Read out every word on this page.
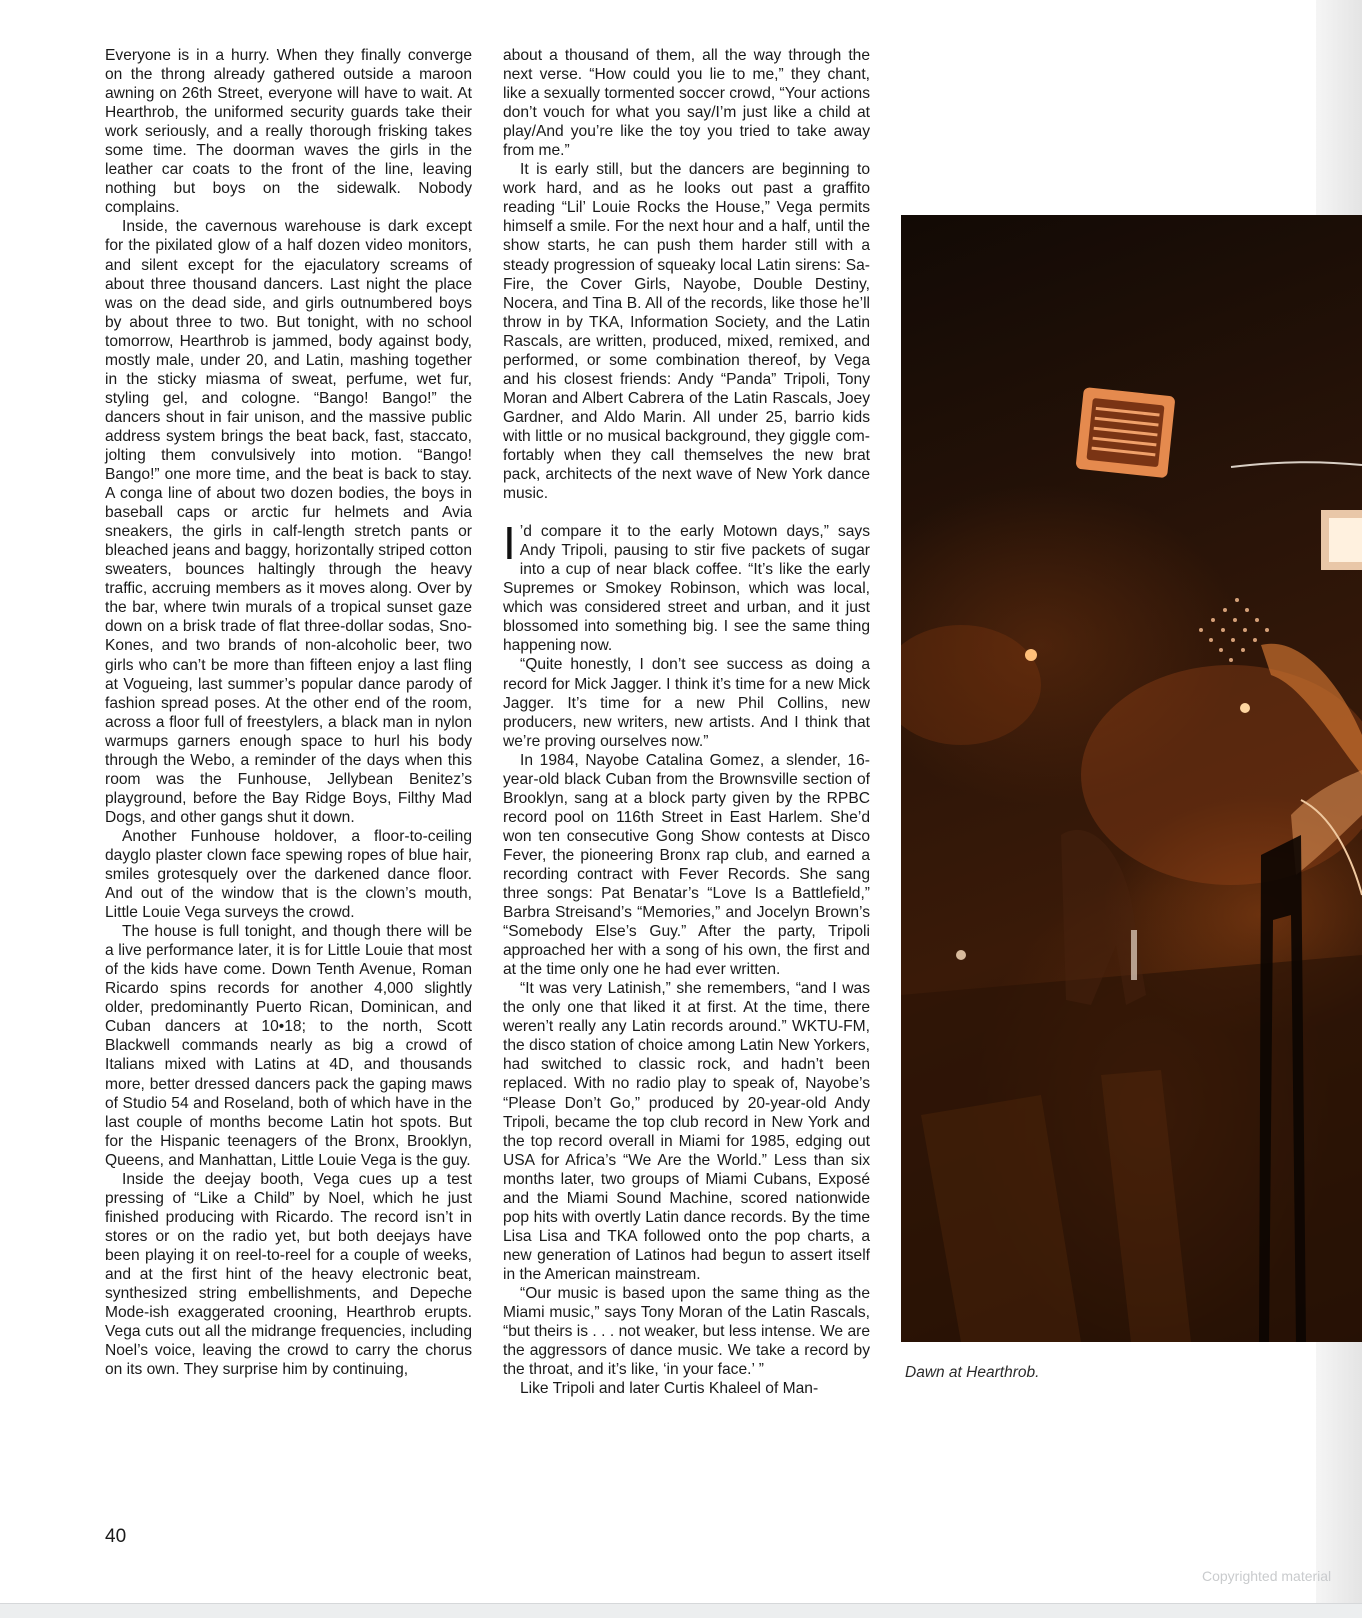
Everyone is in a hurry. When they finally converge on the throng already gathered outside a maroon awning on 26th Street, everyone will have to wait. At Hearthrob, the uniformed security guards take their work seriously, and a really thorough frisking takes some time. The doorman waves the girls in the leather car coats to the front of the line, leaving nothing but boys on the sidewalk. Nobody complains.

Inside, the cavernous warehouse is dark except for the pixilated glow of a half dozen video monitors, and silent except for the ejaculatory screams of about three thousand dancers. Last night the place was on the dead side, and girls outnumbered boys by about three to two. But tonight, with no school tomorrow, Hearthrob is jammed, body against body, mostly male, under 20, and Latin, mashing together in the sticky miasma of sweat, perfume, wet fur, styling gel, and cologne. “Bango! Bango!” the dancers shout in fair unison, and the massive public address system brings the beat back, fast, staccato, jolting them convulsively into motion. “Bango! Bango!” one more time, and the beat is back to stay. A conga line of about two dozen bodies, the boys in baseball caps or arctic fur helmets and Avia sneakers, the girls in calf-length stretch pants or bleached jeans and baggy, horizontally striped cotton sweaters, bounces haltingly through the heavy traffic, accruing members as it moves along. Over by the bar, where twin murals of a tropical sunset gaze down on a brisk trade of flat three-dollar sodas, Sno-Kones, and two brands of non-alcoholic beer, two girls who can’t be more than fifteen enjoy a last fling at Vogueing, last summer’s popular dance parody of fashion spread poses. At the other end of the room, across a floor full of freestylers, a black man in nylon warmups garners enough space to hurl his body through the Webo, a reminder of the days when this room was the Funhouse, Jellybean Benitez’s playground, before the Bay Ridge Boys, Filthy Mad Dogs, and other gangs shut it down.

Another Funhouse holdover, a floor-to-ceiling dayglo plaster clown face spewing ropes of blue hair, smiles grotesquely over the darkened dance floor. And out of the window that is the clown’s mouth, Little Louie Vega surveys the crowd.

The house is full tonight, and though there will be a live performance later, it is for Little Louie that most of the kids have come. Down Tenth Avenue, Roman Ricardo spins records for another 4,000 slightly older, predominantly Puerto Rican, Dominican, and Cuban dancers at 10•18; to the north, Scott Blackwell commands nearly as big a crowd of Italians mixed with Latins at 4D, and thousands more, better dressed dancers pack the gaping maws of Studio 54 and Roseland, both of which have in the last couple of months become Latin hot spots. But for the Hispanic teenagers of the Bronx, Brooklyn, Queens, and Manhattan, Little Louie Vega is the guy.

Inside the deejay booth, Vega cues up a test pressing of “Like a Child” by Noel, which he just finished producing with Ricardo. The record isn’t in stores or on the radio yet, but both deejays have been playing it on reel-to-reel for a couple of weeks, and at the first hint of the heavy electronic beat, synthesized string embellishments, and Depeche Mode-ish exaggerated crooning, Hearthrob erupts. Vega cuts out all the midrange frequencies, including Noel’s voice, leaving the crowd to carry the chorus on its own. They surprise him by continuing,

about a thousand of them, all the way through the next verse. “How could you lie to me,” they chant, like a sexually tormented soccer crowd, “Your actions don’t vouch for what you say/I’m just like a child at play/And you’re like the toy you tried to take away from me.”

It is early still, but the dancers are beginning to work hard, and as he looks out past a graffito reading “Lil’ Louie Rocks the House,” Vega permits himself a smile. For the next hour and a half, until the show starts, he can push them harder still with a steady progression of squeaky local Latin sirens: Sa-Fire, the Cover Girls, Nayobe, Double Destiny, Nocera, and Tina B. All of the records, like those he’ll throw in by TKA, Information Society, and the Latin Rascals, are written, produced, mixed, remixed, and performed, or some combination thereof, by Vega and his closest friends: Andy “Panda” Tripoli, Tony Moran and Albert Cabrera of the Latin Rascals, Joey Gardner, and Aldo Marin. All under 25, barrio kids with little or no musical background, they giggle comfortably when they call themselves the new brat pack, architects of the next wave of New York dance music.

I ’d compare it to the early Motown days,” says Andy Tripoli, pausing to stir five packets of sugar into a cup of near black coffee. “It’s like the early Supremes or Smokey Robinson, which was local, which was considered street and urban, and it just blossomed into something big. I see the same thing happening now.

“Quite honestly, I don’t see success as doing a record for Mick Jagger. I think it’s time for a new Mick Jagger. It’s time for a new Phil Collins, new producers, new writers, new artists. And I think that we’re proving ourselves now.”

In 1984, Nayobe Catalina Gomez, a slender, 16-year-old black Cuban from the Brownsville section of Brooklyn, sang at a block party given by the RPBC record pool on 116th Street in East Harlem. She’d won ten consecutive Gong Show contests at Disco Fever, the pioneering Bronx rap club, and earned a recording contract with Fever Records. She sang three songs: Pat Benatar’s “Love Is a Battlefield,” Barbra Streisand’s “Memories,” and Jocelyn Brown’s “Somebody Else’s Guy.” After the party, Tripoli approached her with a song of his own, the first and at the time only one he had ever written.

“It was very Latinish,” she remembers, “and I was the only one that liked it at first. At the time, there weren’t really any Latin records around.” WKTU-FM, the disco station of choice among Latin New Yorkers, had switched to classic rock, and hadn’t been replaced. With no radio play to speak of, Nayobe’s “Please Don’t Go,” produced by 20-year-old Andy Tripoli, became the top club record in New York and the top record overall in Miami for 1985, edging out USA for Africa’s “We Are the World.” Less than six months later, two groups of Miami Cubans, Exposé and the Miami Sound Machine, scored nationwide pop hits with overtly Latin dance records. By the time Lisa Lisa and TKA followed onto the pop charts, a new generation of Latinos had begun to assert itself in the American mainstream.

“Our music is based upon the same thing as the Miami music,” says Tony Moran of the Latin Rascals, “but theirs is . . . not weaker, but less intense. We are the aggressors of dance music. We take a record by the throat, and it’s like, ‘in your face.’ ”

Like Tripoli and later Curtis Khaleel of Man-

Dawn at Hearthrob.
40
Copyrighted material
